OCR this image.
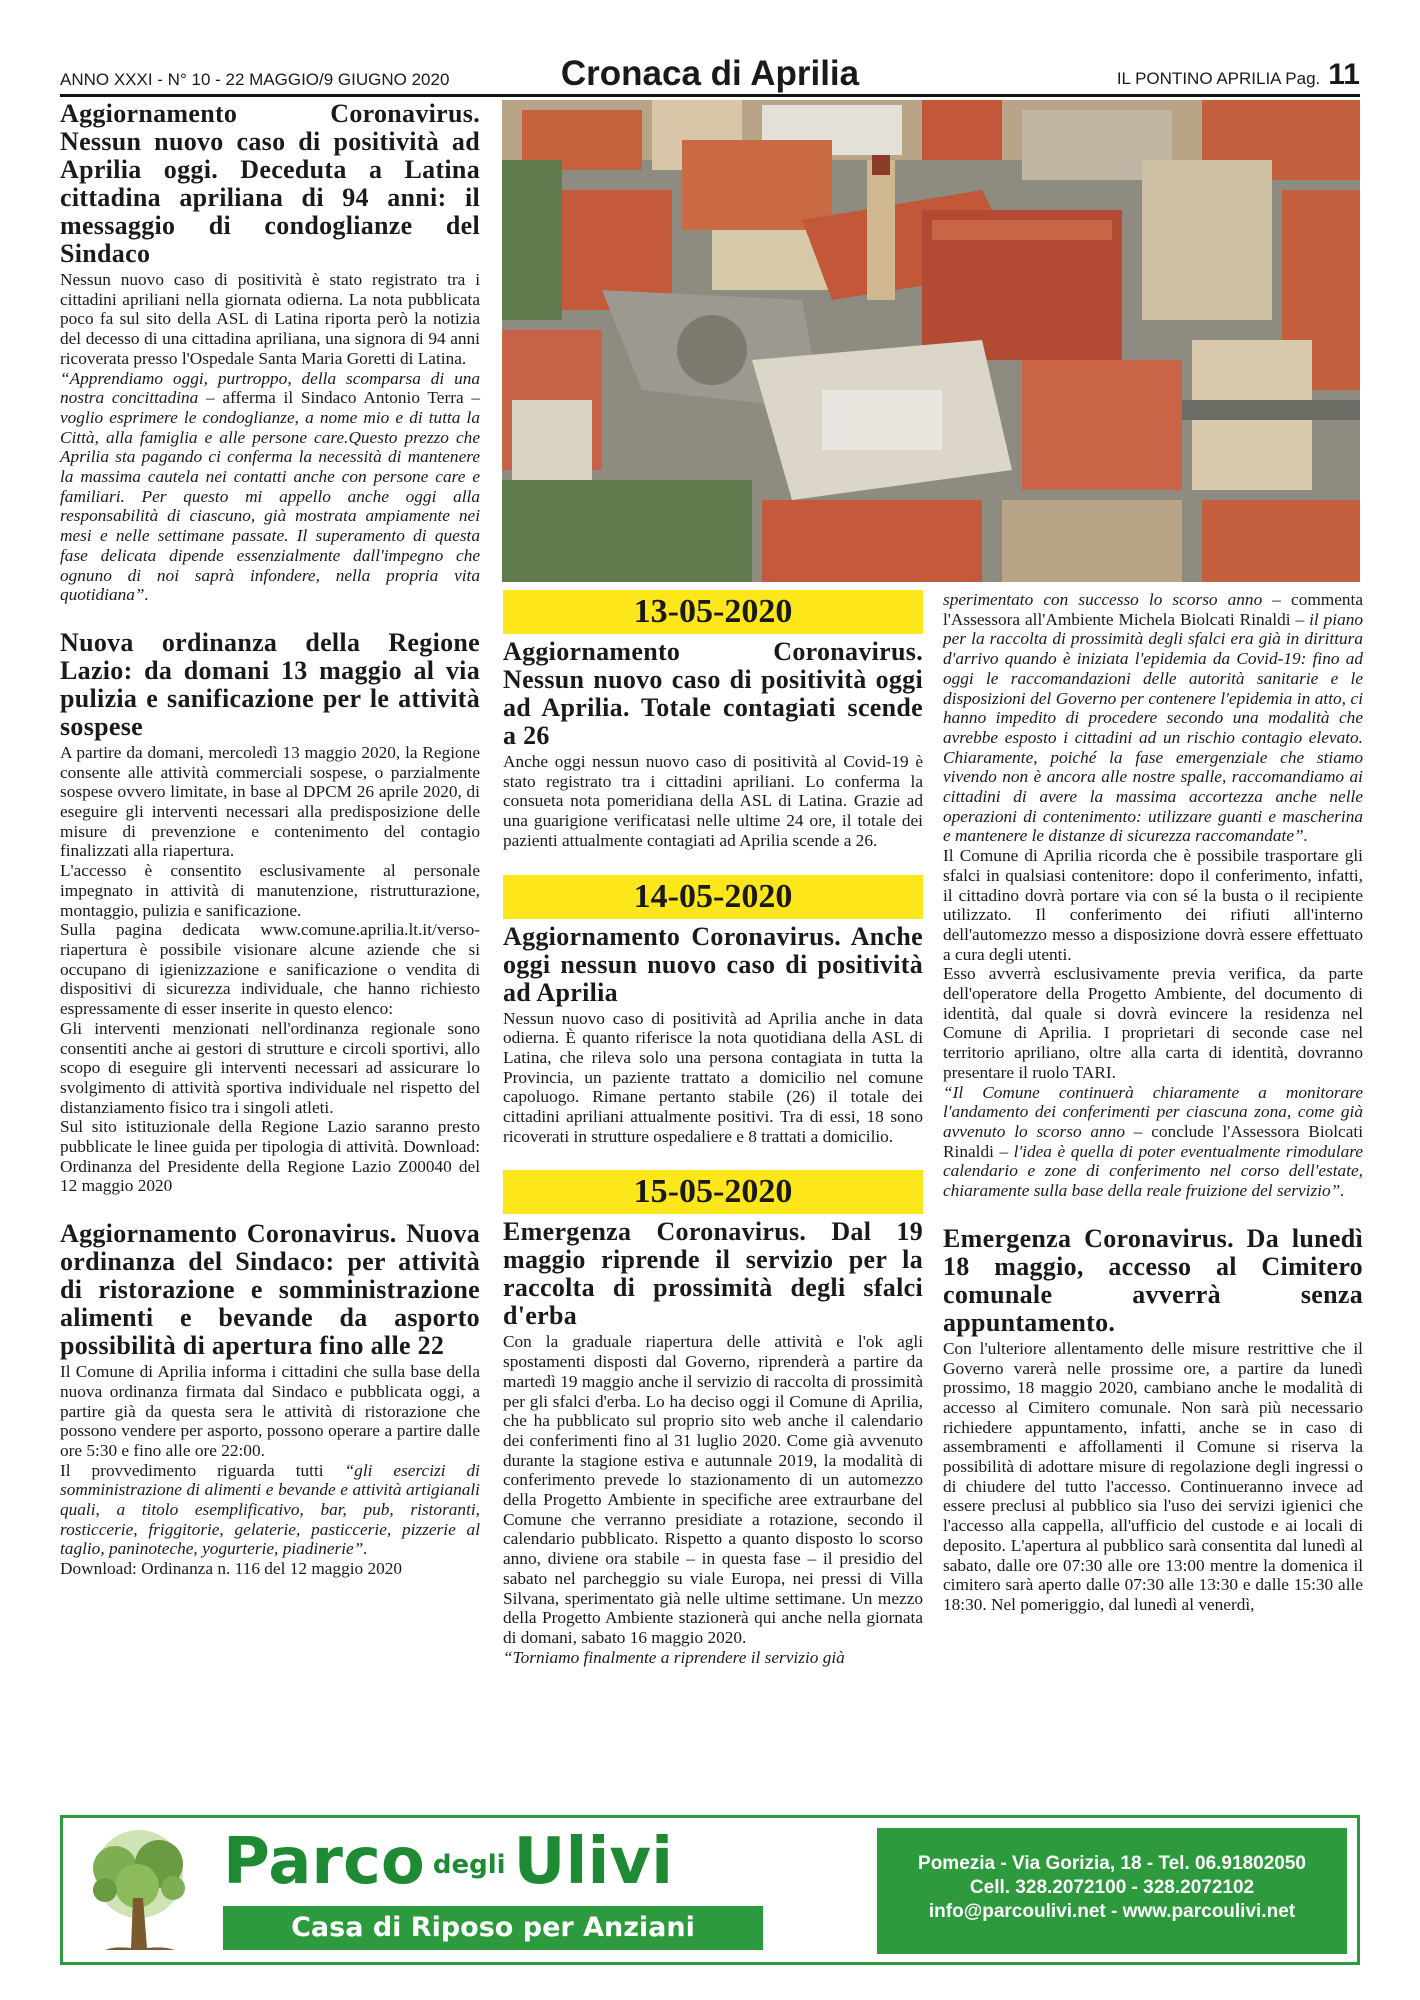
ANNO XXXI - N° 10 - 22 MAGGIO/9 GIUGNO 2020	Cronaca di Aprilia	IL PONTINO APRILIA Pag. 11
Aggiornamento Coronavirus. Nessun nuovo caso di positività ad Aprilia oggi. Deceduta a Latina cittadina apriliana di 94 anni: il messaggio di condoglianze del Sindaco

Nessun nuovo caso di positività è stato registrato tra i cittadini apriliani nella giornata odierna. La nota pubblicata poco fa sul sito della ASL di Latina riporta però la notizia del decesso di una cittadina apriliana, una signora di 94 anni ricoverata presso l'Ospedale Santa Maria Goretti di Latina.

“Apprendiamo oggi, purtroppo, della scomparsa di una nostra concittadina – afferma il Sindaco Antonio Terra – voglio esprimere le condoglianze, a nome mio e di tutta la Città, alla famiglia e alle persone care.Questo prezzo che Aprilia sta pagando ci conferma la necessità di mantenere la massima cautela nei contatti anche con persone care e familiari. Per questo mi appello anche oggi alla responsabilità di ciascuno, già mostrata ampiamente nei mesi e nelle settimane passate. Il superamento di questa fase delicata dipende essenzialmente dall'impegno che ognuno di noi saprà infondere, nella propria vita quotidiana”.

Nuova ordinanza della Regione Lazio: da domani 13 maggio al via pulizia e sanificazione per le attività sospese

A partire da domani, mercoledì 13 maggio 2020, la Regione consente alle attività commerciali sospese, o parzialmente sospese ovvero limitate, in base al DPCM 26 aprile 2020, di eseguire gli interventi necessari alla predisposizione delle misure di prevenzione e contenimento del contagio finalizzati alla riapertura.

L'accesso è consentito esclusivamente al personale impegnato in attività di manutenzione, ristrutturazione, montaggio, pulizia e sanificazione.

Sulla pagina dedicata www.comune.aprilia.lt.it/verso-riapertura è possibile visionare alcune aziende che si occupano di igienizzazione e sanificazione o vendita di dispositivi di sicurezza individuale, che hanno richiesto espressamente di esser inserite in questo elenco:

Gli interventi menzionati nell'ordinanza regionale sono consentiti anche ai gestori di strutture e circoli sportivi, allo scopo di eseguire gli interventi necessari ad assicurare lo svolgimento di attività sportiva individuale nel rispetto del distanziamento fisico tra i singoli atleti.

Sul sito istituzionale della Regione Lazio saranno presto pubblicate le linee guida per tipologia di attività. Download: Ordinanza del Presidente della Regione Lazio Z00040 del 12 maggio 2020

Aggiornamento Coronavirus. Nuova ordinanza del Sindaco: per attività di ristorazione e somministrazione alimenti e bevande da asporto possibilità di apertura fino alle 22

Il Comune di Aprilia informa i cittadini che sulla base della nuova ordinanza firmata dal Sindaco e pubblicata oggi, a partire già da questa sera le attività di ristorazione che possono vendere per asporto, possono operare a partire dalle ore 5:30 e fino alle ore 22:00.

Il provvedimento riguarda tutti “gli esercizi di somministrazione di alimenti e bevande e attività artigianali quali, a titolo esemplificativo, bar, pub, ristoranti, rosticcerie, friggitorie, gelaterie, pasticcerie, pizzerie al taglio, paninoteche, yogurterie, piadinerie”.

Download: Ordinanza n. 116 del 12 maggio 2020

13-05-2020
Aggiornamento Coronavirus. Nessun nuovo caso di positività oggi ad Aprilia. Totale contagiati scende a 26

Anche oggi nessun nuovo caso di positività al Covid-19 è stato registrato tra i cittadini apriliani. Lo conferma la consueta nota pomeridiana della ASL di Latina. Grazie ad una guarigione verificatasi nelle ultime 24 ore, il totale dei pazienti attualmente contagiati ad Aprilia scende a 26.

14-05-2020
Aggiornamento Coronavirus. Anche oggi nessun nuovo caso di positività ad Aprilia

Nessun nuovo caso di positività ad Aprilia anche in data odierna. È quanto riferisce la nota quotidiana della ASL di Latina, che rileva solo una persona contagiata in tutta la Provincia, un paziente trattato a domicilio nel comune capoluogo. Rimane pertanto stabile (26) il totale dei cittadini apriliani attualmente positivi. Tra di essi, 18 sono ricoverati in strutture ospedaliere e 8 trattati a domicilio.

15-05-2020
Emergenza Coronavirus. Dal 19 maggio riprende il servizio per la raccolta di prossimità degli sfalci d'erba

Con la graduale riapertura delle attività e l'ok agli spostamenti disposti dal Governo, riprenderà a partire da martedì 19 maggio anche il servizio di raccolta di prossimità per gli sfalci d'erba. Lo ha deciso oggi il Comune di Aprilia, che ha pubblicato sul proprio sito web anche il calendario dei conferimenti fino al 31 luglio 2020. Come già avvenuto durante la stagione estiva e autunnale 2019, la modalità di conferimento prevede lo stazionamento di un automezzo della Progetto Ambiente in specifiche aree extraurbane del Comune che verranno presidiate a rotazione, secondo il calendario pubblicato. Rispetto a quanto disposto lo scorso anno, diviene ora stabile – in questa fase – il presidio del sabato nel parcheggio su viale Europa, nei pressi di Villa Silvana, sperimentato già nelle ultime settimane. Un mezzo della Progetto Ambiente stazionerà qui anche nella giornata di domani, sabato 16 maggio 2020.

“Torniamo finalmente a riprendere il servizio già

sperimentato con successo lo scorso anno – commenta l'Assessora all'Ambiente Michela Biolcati Rinaldi – il piano per la raccolta di prossimità degli sfalci era già in dirittura d'arrivo quando è iniziata l'epidemia da Covid-19: fino ad oggi le raccomandazioni delle autorità sanitarie e le disposizioni del Governo per contenere l'epidemia in atto, ci hanno impedito di procedere secondo una modalità che avrebbe esposto i cittadini ad un rischio contagio elevato. Chiaramente, poiché la fase emergenziale che stiamo vivendo non è ancora alle nostre spalle, raccomandiamo ai cittadini di avere la massima accortezza anche nelle operazioni di contenimento: utilizzare guanti e mascherina e mantenere le distanze di sicurezza raccomandate”.

Il Comune di Aprilia ricorda che è possibile trasportare gli sfalci in qualsiasi contenitore: dopo il conferimento, infatti, il cittadino dovrà portare via con sé la busta o il recipiente utilizzato. Il conferimento dei rifiuti all'interno dell'automezzo messo a disposizione dovrà essere effettuato a cura degli utenti.

Esso avverrà esclusivamente previa verifica, da parte dell'operatore della Progetto Ambiente, del documento di identità, dal quale si dovrà evincere la residenza nel Comune di Aprilia. I proprietari di seconde case nel territorio apriliano, oltre alla carta di identità, dovranno presentare il ruolo TARI.

“Il Comune continuerà chiaramente a monitorare l'andamento dei conferimenti per ciascuna zona, come già avvenuto lo scorso anno – conclude l'Assessora Biolcati Rinaldi – l'idea è quella di poter eventualmente rimodulare calendario e zone di conferimento nel corso dell'estate, chiaramente sulla base della reale fruizione del servizio”.

Emergenza Coronavirus. Da lunedì 18 maggio, accesso al Cimitero comunale avverrà senza appuntamento.

Con l'ulteriore allentamento delle misure restrittive che il Governo varerà nelle prossime ore, a partire da lunedì prossimo, 18 maggio 2020, cambiano anche le modalità di accesso al Cimitero comunale. Non sarà più necessario richiedere appuntamento, infatti, anche se in caso di assembramenti e affollamenti il Comune si riserva la possibilità di adottare misure di regolazione degli ingressi o di chiudere del tutto l'accesso. Continueranno invece ad essere preclusi al pubblico sia l'uso dei servizi igienici che l'accesso alla cappella, all'ufficio del custode e ai locali di deposito. L'apertura al pubblico sarà consentita dal lunedì al sabato, dalle ore 07:30 alle ore 13:00 mentre la domenica il cimitero sarà aperto dalle 07:30 alle 13:30 e dalle 15:30 alle 18:30. Nel pomeriggio, dal lunedì al venerdì,

Parco degli Ulivi
Casa di Riposo per Anziani
Pomezia - Via Gorizia, 18 - Tel. 06.91802050
Cell. 328.2072100 - 328.2072102
info@parcoulivi.net - www.parcoulivi.net
